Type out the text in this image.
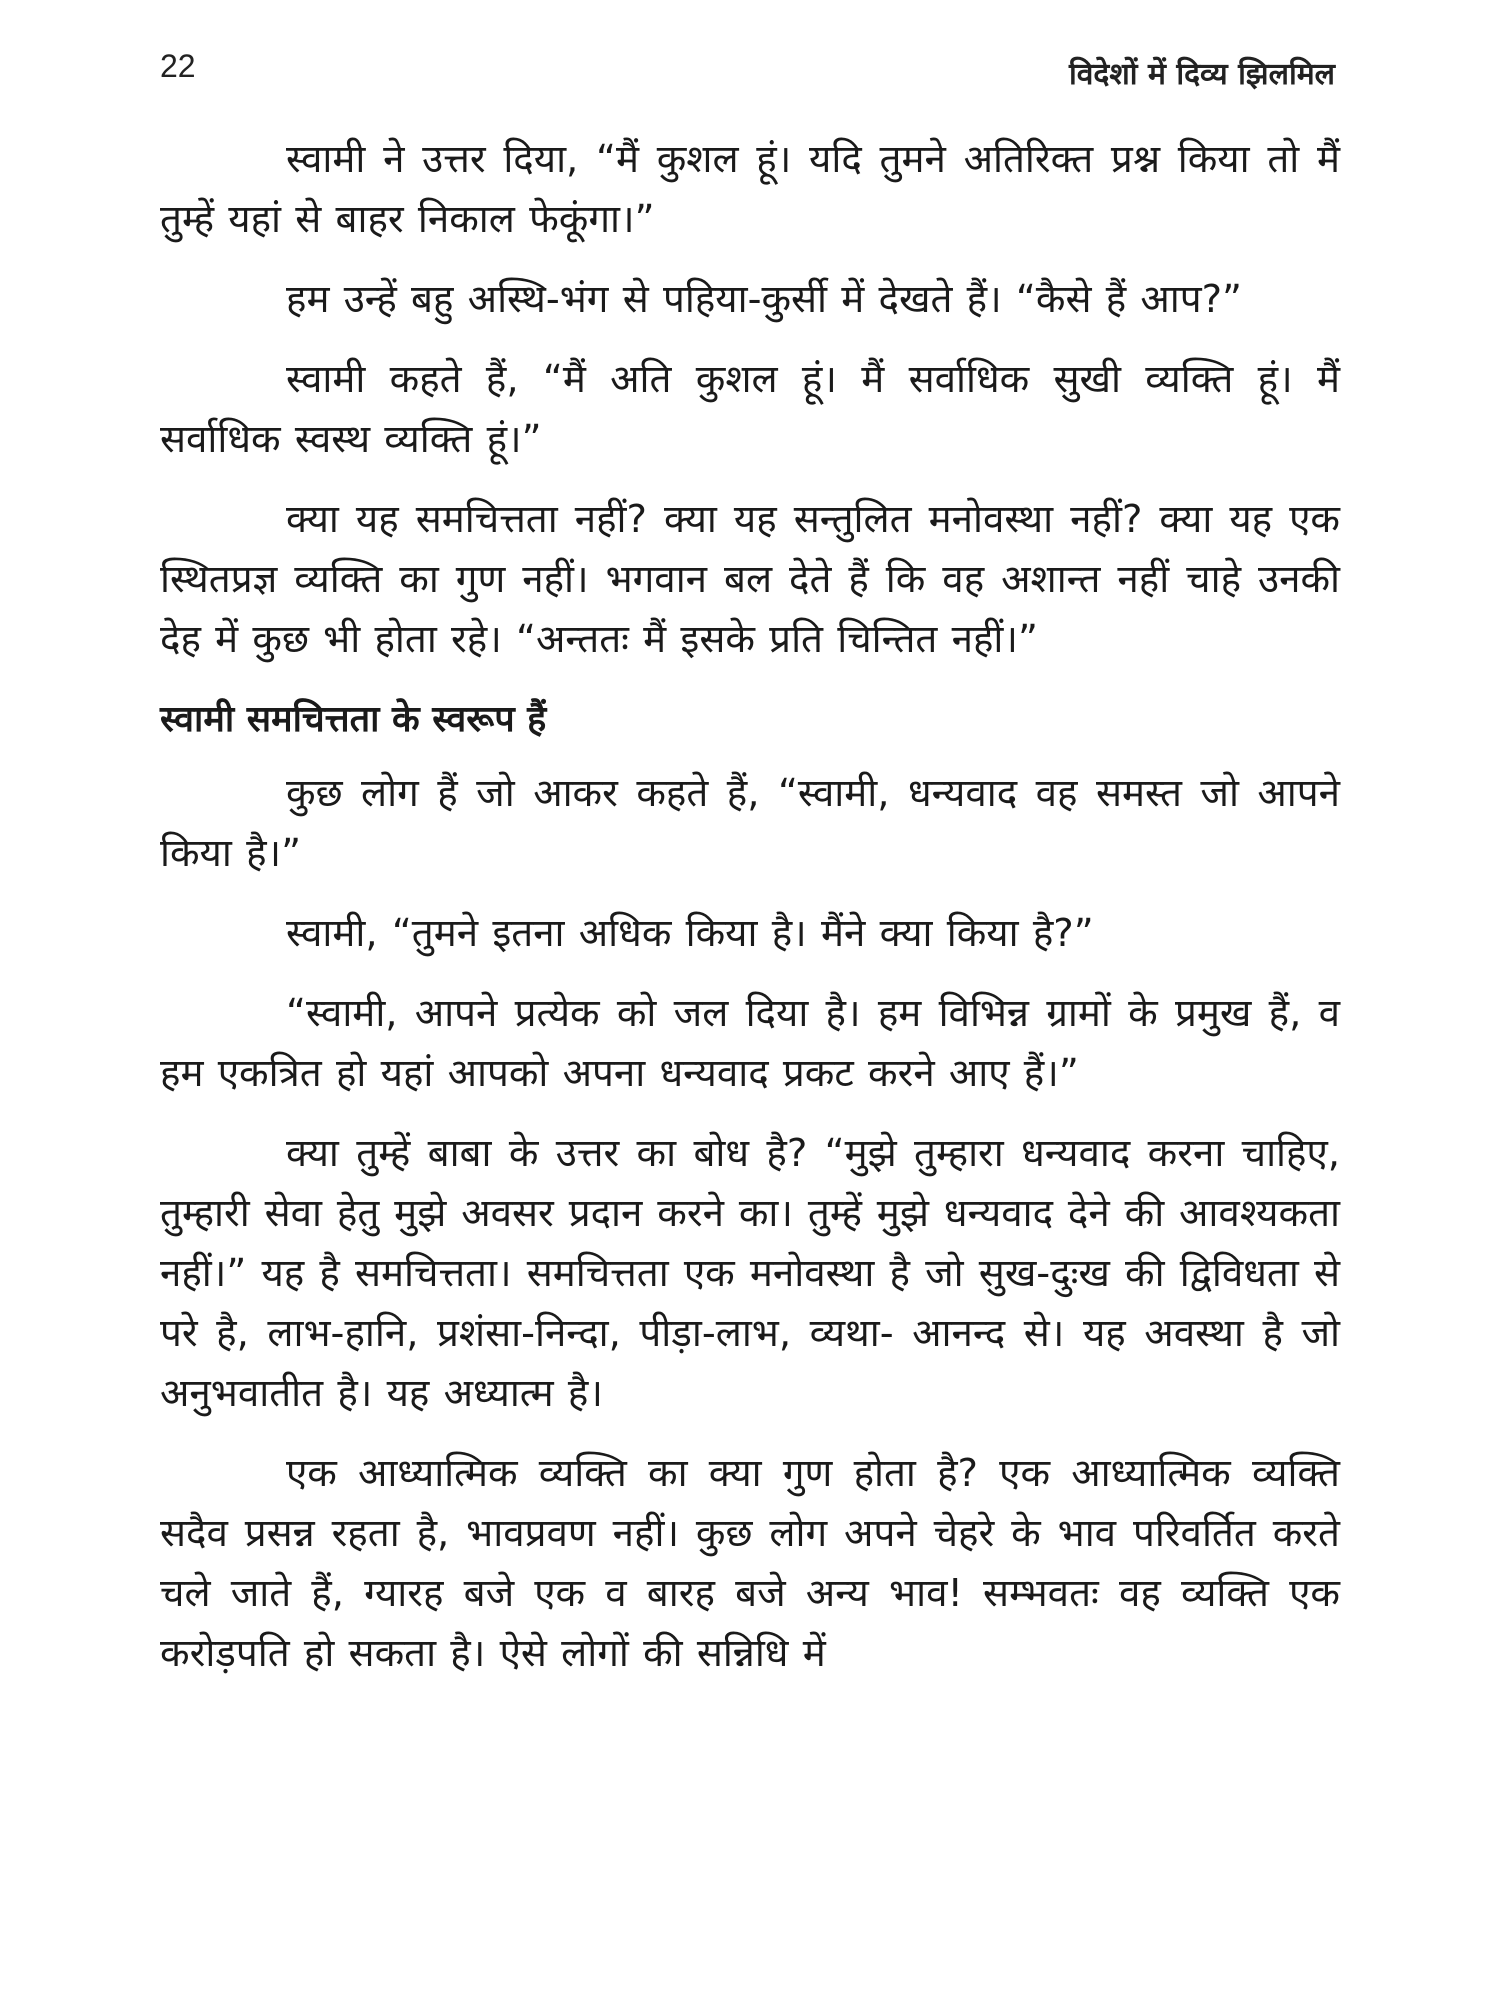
22	विदेशों में दिव्य झिलमिल

स्वामी ने उत्तर दिया, “मैं कुशल हूं। यदि तुमने अतिरिक्त प्रश्न किया तो मैं तुम्हें यहां से बाहर निकाल फेकूंगा।”

हम उन्हें बहु अस्थि-भंग से पहिया-कुर्सी में देखते हैं। “कैसे हैं आप?”

स्वामी कहते हैं, “मैं अति कुशल हूं। मैं सर्वाधिक सुखी व्यक्ति हूं। मैं सर्वाधिक स्वस्थ व्यक्ति हूं।”

क्या यह समचित्तता नहीं? क्या यह सन्तुलित मनोवस्था नहीं? क्या यह एक स्थितप्रज्ञ व्यक्ति का गुण नहीं। भगवान बल देते हैं कि वह अशान्त नहीं चाहे उनकी देह में कुछ भी होता रहे। “अन्ततः मैं इसके प्रति चिन्तित नहीं।”

स्वामी समचित्तता के स्वरूप हैं

कुछ लोग हैं जो आकर कहते हैं, “स्वामी, धन्यवाद वह समस्त जो आपने किया है।”

स्वामी, “तुमने इतना अधिक किया है। मैंने क्या किया है?”

“स्वामी, आपने प्रत्येक को जल दिया है। हम विभिन्न ग्रामों के प्रमुख हैं, व हम एकत्रित हो यहां आपको अपना धन्यवाद प्रकट करने आए हैं।”

क्या तुम्हें बाबा के उत्तर का बोध है? “मुझे तुम्हारा धन्यवाद करना चाहिए, तुम्हारी सेवा हेतु मुझे अवसर प्रदान करने का। तुम्हें मुझे धन्यवाद देने की आवश्यकता नहीं।” यह है समचित्तता। समचित्तता एक मनोवस्था है जो सुख-दुःख की द्विविधता से परे है, लाभ-हानि, प्रशंसा-निन्दा, पीड़ा-लाभ, व्यथा- आनन्द से। यह अवस्था है जो अनुभवातीत है। यह अध्यात्म है।

एक आध्यात्मिक व्यक्ति का क्या गुण होता है? एक आध्यात्मिक व्यक्ति सदैव प्रसन्न रहता है, भावप्रवण नहीं। कुछ लोग अपने चेहरे के भाव परिवर्तित करते चले जाते हैं, ग्यारह बजे एक व बारह बजे अन्य भाव! सम्भवतः वह व्यक्ति एक करोड़पति हो सकता है। ऐसे लोगों की सन्निधि में
